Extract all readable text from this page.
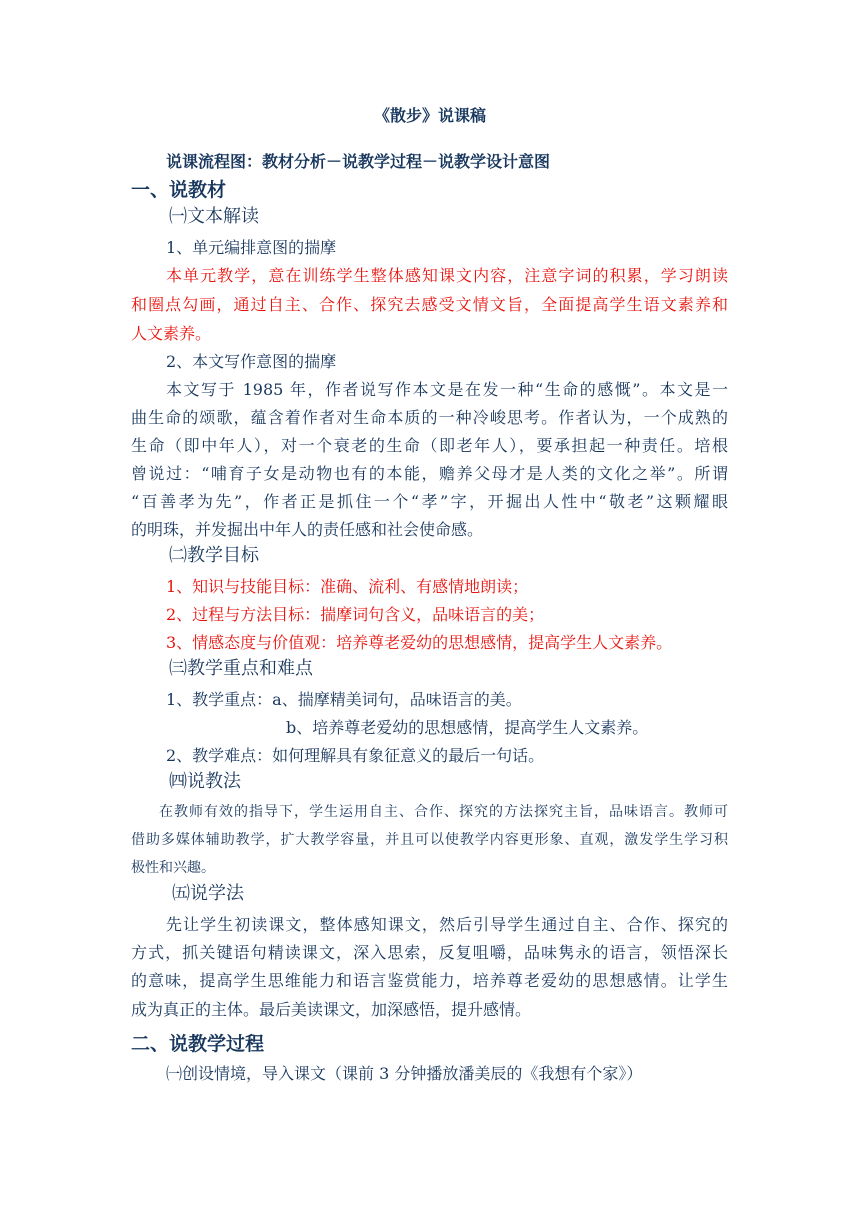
《散步》说课稿
说课流程图：教材分析－说教学过程－说教学设计意图
一、说教材
㈠文本解读
1、单元编排意图的揣摩
本单元教学，意在训练学生整体感知课文内容，注意字词的积累，学习朗读
和圈点勾画，通过自主、合作、探究去感受文情文旨，全面提高学生语文素养和
人文素养。
2、本文写作意图的揣摩
本文写于 1985 年，作者说写作本文是在发一种“生命的感慨”。本文是一
曲生命的颂歌，蕴含着作者对生命本质的一种冷峻思考。作者认为，一个成熟的
生命（即中年人），对一个衰老的生命（即老年人），要承担起一种责任。培根
曾说过：“哺育子女是动物也有的本能，赡养父母才是人类的文化之举”。所谓
“百善孝为先”，作者正是抓住一个“孝”字，开掘出人性中“敬老”这颗耀眼
的明珠，并发掘出中年人的责任感和社会使命感。
㈡教学目标
1、知识与技能目标：准确、流利、有感情地朗读；
2、过程与方法目标：揣摩词句含义，品味语言的美；
3、情感态度与价值观：培养尊老爱幼的思想感情，提高学生人文素养。
㈢教学重点和难点
1、教学重点：a、揣摩精美词句，品味语言的美。
b、培养尊老爱幼的思想感情，提高学生人文素养。
2、教学难点：如何理解具有象征意义的最后一句话。
㈣说教法
在教师有效的指导下，学生运用自主、合作、探究的方法探究主旨，品味语言。教师可
借助多媒体辅助教学，扩大教学容量，并且可以使教学内容更形象、直观，激发学生学习积
极性和兴趣。
㈤说学法
先让学生初读课文，整体感知课文，然后引导学生通过自主、合作、探究的
方式，抓关键语句精读课文，深入思索，反复咀嚼，品味隽永的语言，领悟深长
的意味，提高学生思维能力和语言鉴赏能力，培养尊老爱幼的思想感情。让学生
成为真正的主体。最后美读课文，加深感悟，提升感情。
二、说教学过程
㈠创设情境，导入课文（课前 3 分钟播放潘美辰的《我想有个家》）
